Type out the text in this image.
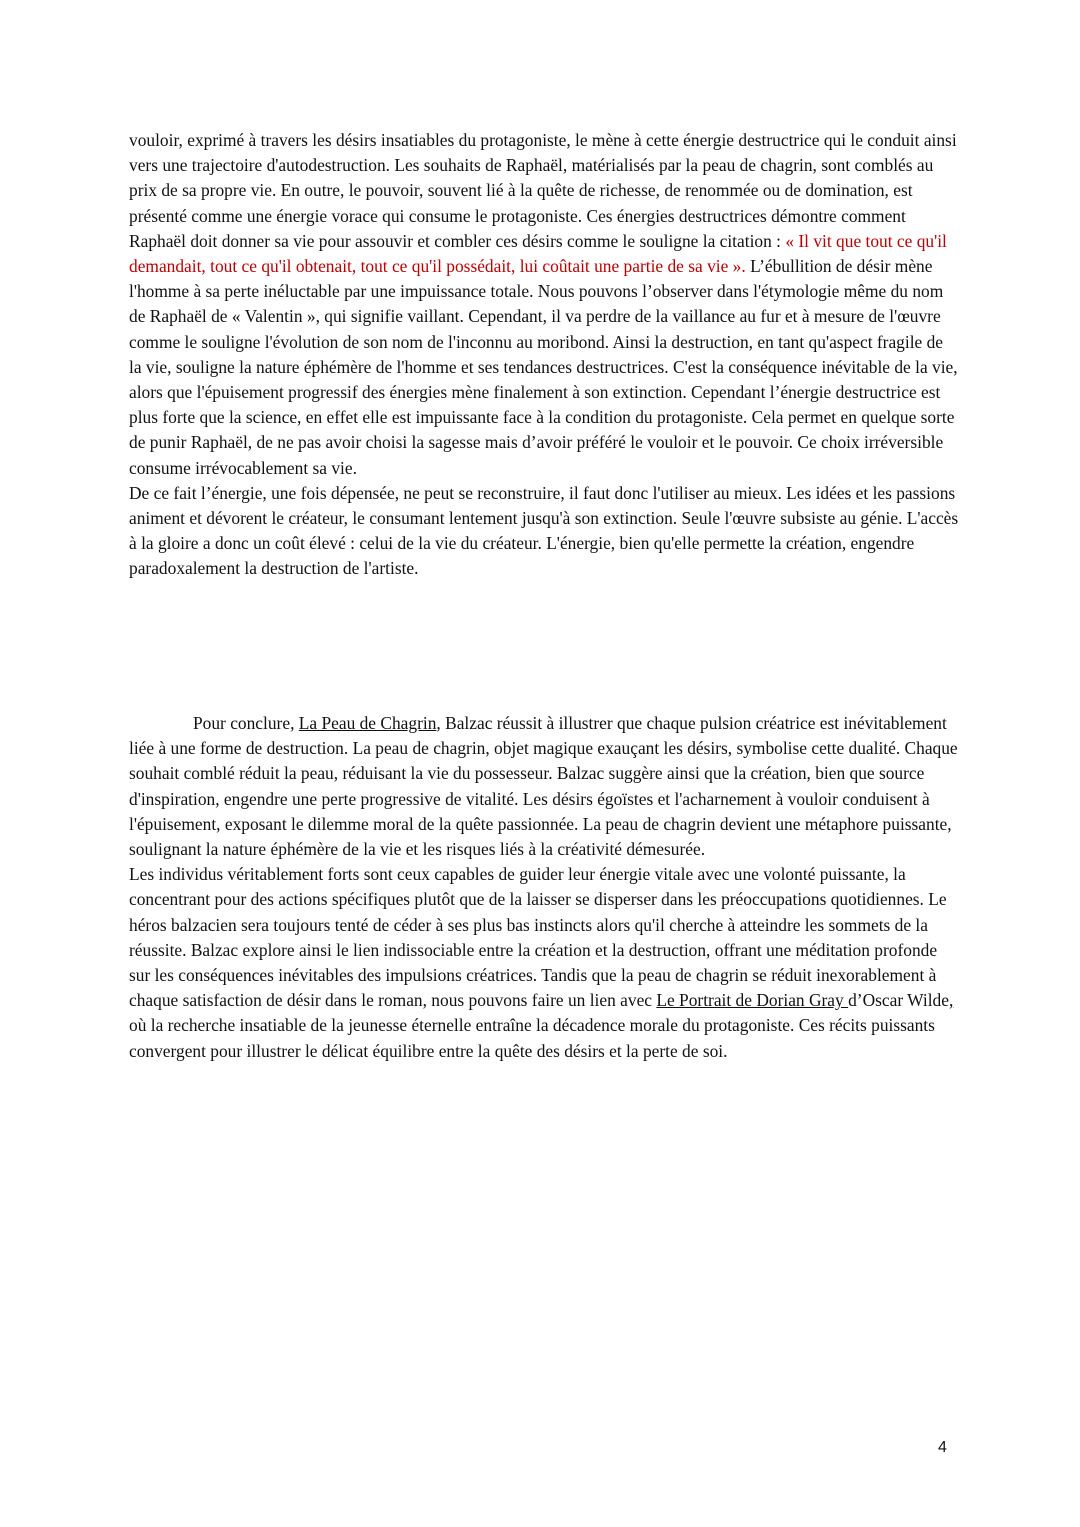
vouloir, exprimé à travers les désirs insatiables du protagoniste, le mène à cette énergie destructrice qui le conduit ainsi vers une trajectoire d'autodestruction. Les souhaits de Raphaël, matérialisés par la peau de chagrin, sont comblés au prix de sa propre vie. En outre, le pouvoir, souvent lié à la quête de richesse, de renommée ou de domination, est présenté comme une énergie vorace qui consume le protagoniste. Ces énergies destructrices démontre comment Raphaël doit donner sa vie pour assouvir et combler ces désirs comme le souligne la citation : « Il vit que tout ce qu'il demandait, tout ce qu'il obtenait, tout ce qu'il possédait, lui coûtait une partie de sa vie ». L’ébullition de désir mène l'homme à sa perte inéluctable par une impuissance totale. Nous pouvons l’observer dans l'étymologie même du nom de Raphaël de « Valentin », qui signifie vaillant. Cependant, il va perdre de la vaillance au fur et à mesure de l'œuvre comme le souligne l'évolution de son nom de l'inconnu au moribond. Ainsi la destruction, en tant qu'aspect fragile de la vie, souligne la nature éphémère de l'homme et ses tendances destructrices. C'est la conséquence inévitable de la vie, alors que l'épuisement progressif des énergies mène finalement à son extinction. Cependant l’énergie destructrice est plus forte que la science, en effet elle est impuissante face à la condition du protagoniste. Cela permet en quelque sorte de punir Raphaël, de ne pas avoir choisi la sagesse mais d’avoir préféré le vouloir et le pouvoir. Ce choix irréversible consume irrévocablement sa vie.

De ce fait l’énergie, une fois dépensée, ne peut se reconstruire, il faut donc l'utiliser au mieux. Les idées et les passions animent et dévorent le créateur, le consumant lentement jusqu'à son extinction. Seule l'œuvre subsiste au génie. L'accès à la gloire a donc un coût élevé : celui de la vie du créateur. L'énergie, bien qu'elle permette la création, engendre paradoxalement la destruction de l'artiste.

Pour conclure, La Peau de Chagrin, Balzac réussit à illustrer que chaque pulsion créatrice est inévitablement liée à une forme de destruction. La peau de chagrin, objet magique exauçant les désirs, symbolise cette dualité. Chaque souhait comblé réduit la peau, réduisant la vie du possesseur. Balzac suggère ainsi que la création, bien que source d'inspiration, engendre une perte progressive de vitalité. Les désirs égoïstes et l'acharnement à vouloir conduisent à l'épuisement, exposant le dilemme moral de la quête passionnée. La peau de chagrin devient une métaphore puissante, soulignant la nature éphémère de la vie et les risques liés à la créativité démesurée.

Les individus véritablement forts sont ceux capables de guider leur énergie vitale avec une volonté puissante, la concentrant pour des actions spécifiques plutôt que de la laisser se disperser dans les préoccupations quotidiennes. Le héros balzacien sera toujours tenté de céder à ses plus bas instincts alors qu'il cherche à atteindre les sommets de la réussite. Balzac explore ainsi le lien indissociable entre la création et la destruction, offrant une méditation profonde sur les conséquences inévitables des impulsions créatrices. Tandis que la peau de chagrin se réduit inexorablement à chaque satisfaction de désir dans le roman, nous pouvons faire un lien avec Le Portrait de Dorian Gray d’Oscar Wilde, où la recherche insatiable de la jeunesse éternelle entraîne la décadence morale du protagoniste. Ces récits puissants convergent pour illustrer le délicat équilibre entre la quête des désirs et la perte de soi.

4
